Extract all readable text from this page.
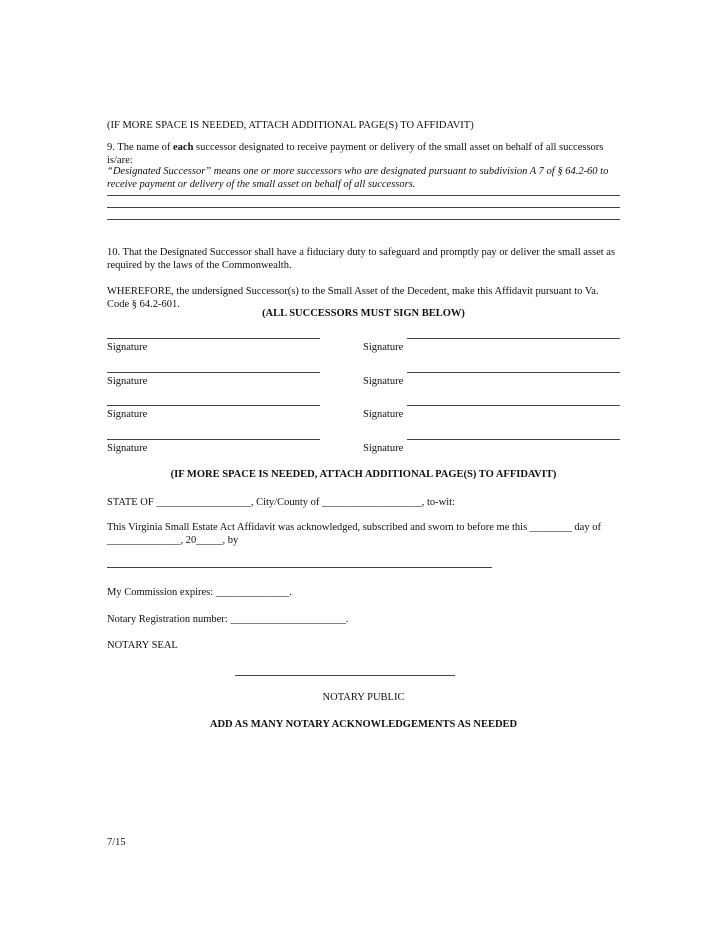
(IF MORE SPACE IS NEEDED, ATTACH ADDITIONAL PAGE(S) TO AFFIDAVIT)
9. The name of each successor designated to receive payment or delivery of the small asset on behalf of all successors is/are:
“Designated Successor” means one or more successors who are designated pursuant to subdivision A 7 of § 64.2-60 to receive payment or delivery of the small asset on behalf of all successors.
10. That the Designated Successor shall have a fiduciary duty to safeguard and promptly pay or deliver the small asset as required by the laws of the Commonwealth.
WHEREFORE, the undersigned Successor(s) to the Small Asset of the Decedent, make this Affidavit pursuant to Va. Code § 64.2-601.
(ALL SUCCESSORS MUST SIGN BELOW)
Signature	Signature
Signature	Signature
Signature	Signature
Signature	Signature
(IF MORE SPACE IS NEEDED, ATTACH ADDITIONAL PAGE(S) TO AFFIDAVIT)
STATE OF __________________, City/County of ___________________, to-wit:
This Virginia Small Estate Act Affidavit was acknowledged, subscribed and sworn to before me this ________ day of
______________, 20_____, by
My Commission expires: ______________.
Notary Registration number: ______________________.
NOTARY SEAL
NOTARY PUBLIC
ADD AS MANY NOTARY ACKNOWLEDGEMENTS AS NEEDED
7/15
